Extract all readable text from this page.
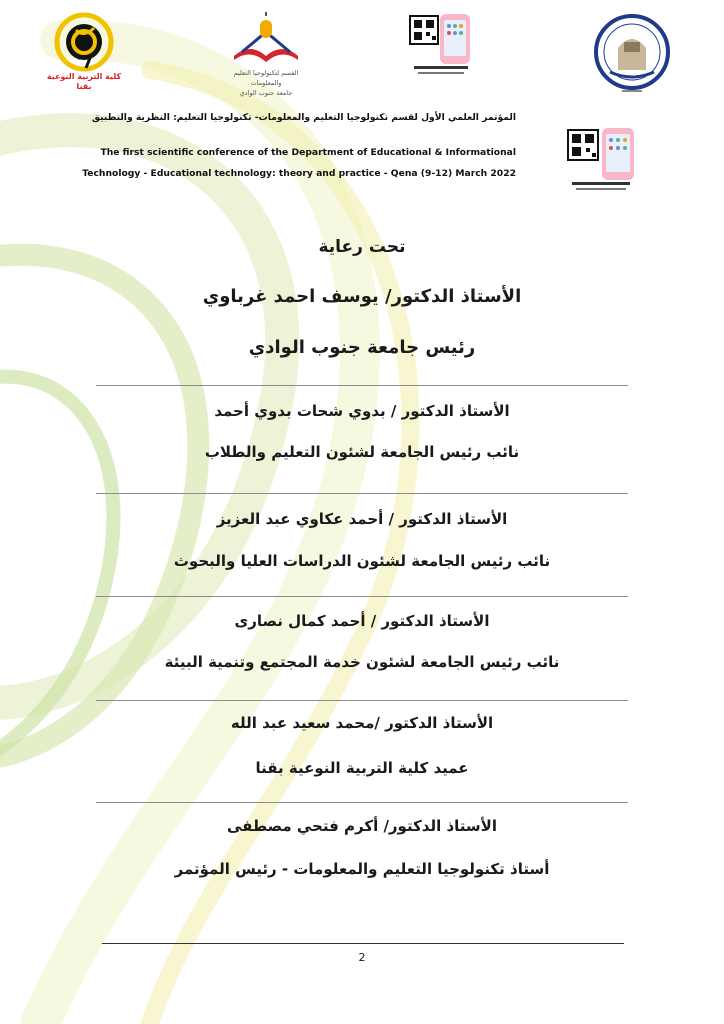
كلية التربية النوعية بقنا
القسم لتكنولوجيا التعليم والمعلومات
جامعة جنوب الوادي
المؤتمر العلمي الأول لقسم تكنولوجيا التعليم والمعلومات- تكنولوجيا التعليم: النظرية والتطبيق
The first scientific conference of the Department of Educational & Informational
Technology - Educational technology: theory and practice - Qena (9-12) March 2022
تحت رعاية
الأستاذ الدكتور/ يوسف احمد غرباوي
رئيس جامعة جنوب الوادي
الأستاذ الدكتور / بدوي شحات بدوي أحمد
نائب رئيس الجامعة لشئون التعليم والطلاب
الأستاذ الدكتور / أحمد عكاوي عبد العزيز
نائب رئيس الجامعة لشئون الدراسات العليا والبحوث
الأستاذ الدكتور / أحمد كمال نصارى
نائب رئيس الجامعة لشئون خدمة المجتمع وتنمية البيئة
الأستاذ الدكتور /محمد سعيد عبد الله
عميد كلية التربية النوعية بقنا
الأستاذ الدكتور/ أكرم فتحي مصطفى
أستاذ تكنولوجيا التعليم والمعلومات - رئيس المؤتمر
2
